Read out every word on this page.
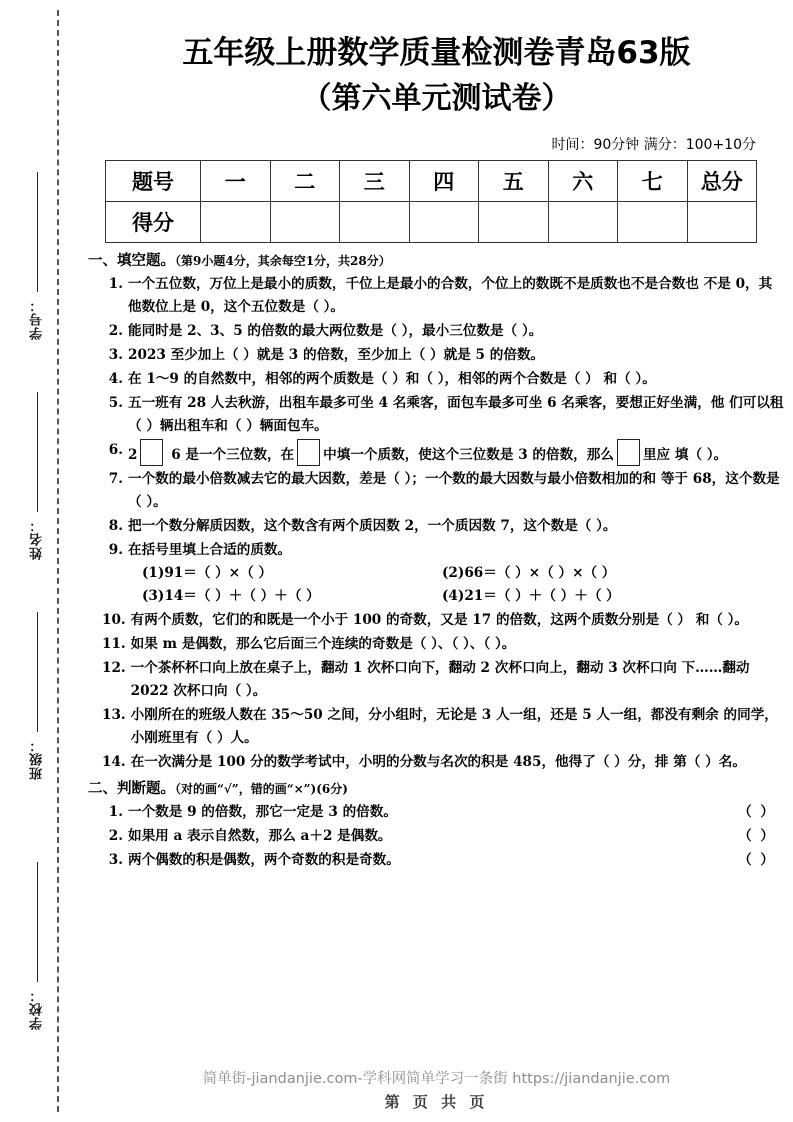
学号：
姓名：
班级：
学校：
五年级上册数学质量检测卷青岛63版
（第六单元测试卷）
时间：90分钟 满分：100+10分
题号	一	二	三	四	五	六	七	总分
得分								
一、填空题。（第9小题4分，其余每空1分，共28分）
1. 一个五位数，万位上是最小的质数，千位上是最小的合数，个位上的数既不是质数也不是合数也 不是 0，其他数位上是 0，这个五位数是（ ）。
2. 能同时是 2、3、5 的倍数的最大两位数是（ ），最小三位数是（ ）。
3. 2023 至少加上（ ）就是 3 的倍数，至少加上（ ）就是 5 的倍数。
4. 在 1～9 的自然数中，相邻的两个质数是（ ）和（ ），相邻的两个合数是（ ） 和（ ）。
5. 五一班有 28 人去秋游，出租车最多可坐 4 名乘客，面包车最多可坐 6 名乘客，要想正好坐满，他 们可以租（ ）辆出租车和（ ）辆面包车。
6. 2 6 是一个三位数，在 中填一个质数，使这个三位数是 3 的倍数，那么 里应 填（ ）。
7. 一个数的最小倍数减去它的最大因数，差是（ ）；一个数的最大因数与最小倍数相加的和 等于 68，这个数是（ ）。
8. 把一个数分解质因数，这个数含有两个质因数 2，一个质因数 7，这个数是（ ）。
9. 在括号里填上合适的质数。
(1)91＝（ ）×（ ）	(2)66＝（ ）×（ ）×（ ）
(3)14＝（ ）＋（ ）＋（ ）	(4)21＝（ ）＋（ ）＋（ ）
10. 有两个质数，它们的和既是一个小于 100 的奇数，又是 17 的倍数，这两个质数分别是（ ） 和（ ）。
11. 如果 m 是偶数，那么它后面三个连续的奇数是（ ）、（ ）、（ ）。
12. 一个茶杯杯口向上放在桌子上，翻动 1 次杯口向下，翻动 2 次杯口向上，翻动 3 次杯口向 下……翻动 2022 次杯口向（ ）。
13. 小刚所在的班级人数在 35～50 之间，分小组时，无论是 3 人一组，还是 5 人一组，都没有剩余 的同学，小刚班里有（ ）人。
14. 在一次满分是 100 分的数学考试中，小明的分数与名次的积是 485，他得了（ ）分，排 第（ ）名。
二、判断题。（对的画“√”，错的画“×”)(6分)
1. 一个数是 9 的倍数，那它一定是 3 的倍数。	（ ）
2. 如果用 a 表示自然数，那么 a＋2 是偶数。	（ ）
3. 两个偶数的积是偶数，两个奇数的积是奇数。	（ ）
简单街-jiandanjie.com-学科网简单学习一条街 https://jiandanjie.com
第 页 共 页
